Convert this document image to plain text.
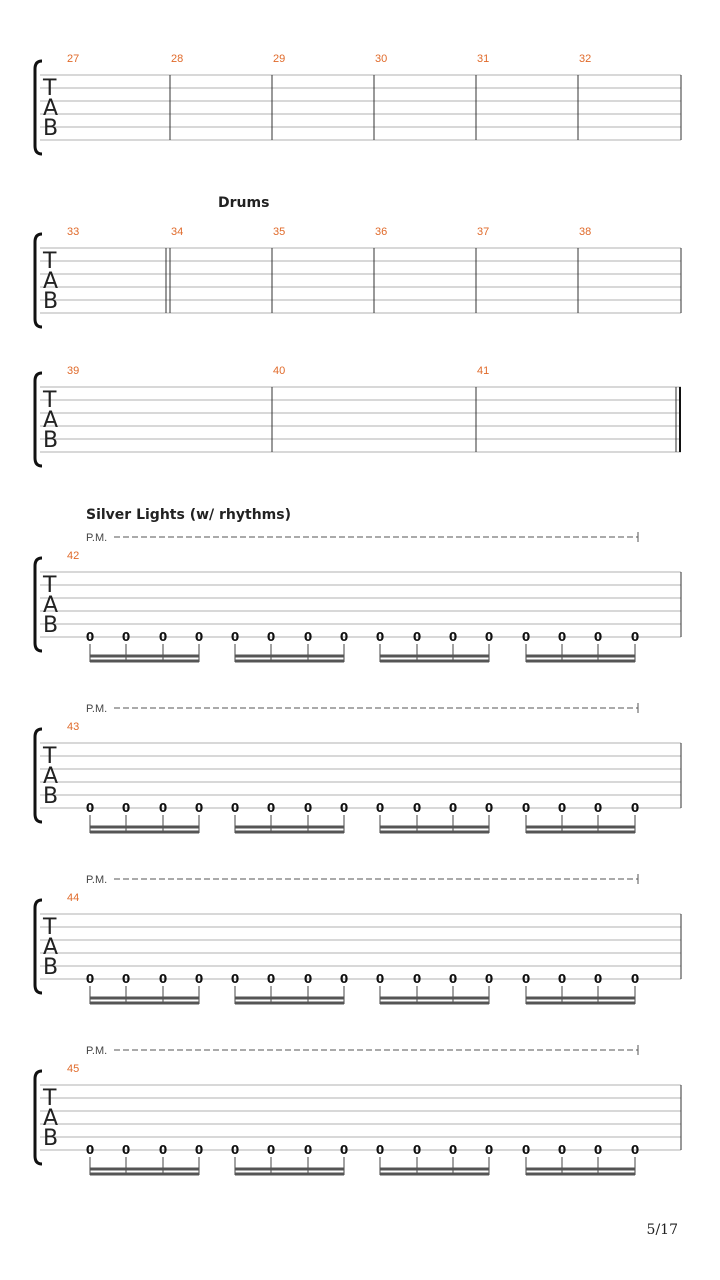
T
A
B
27	28	29	30	31	32
Drums
T
A
B
33	34	35	36	37	38
T
A
B
39	40	41
Silver Lights (w/ rhythms)
P.M.
T
A
B
42
0 0 0 0 0 0 0 0 0 0 0 0 0 0 0 0
P.M.
T
A
B
43
0 0 0 0 0 0 0 0 0 0 0 0 0 0 0 0
P.M.
T
A
B
44
0 0 0 0 0 0 0 0 0 0 0 0 0 0 0 0
P.M.
T
A
B
45
0 0 0 0 0 0 0 0 0 0 0 0 0 0 0 0
5/17
